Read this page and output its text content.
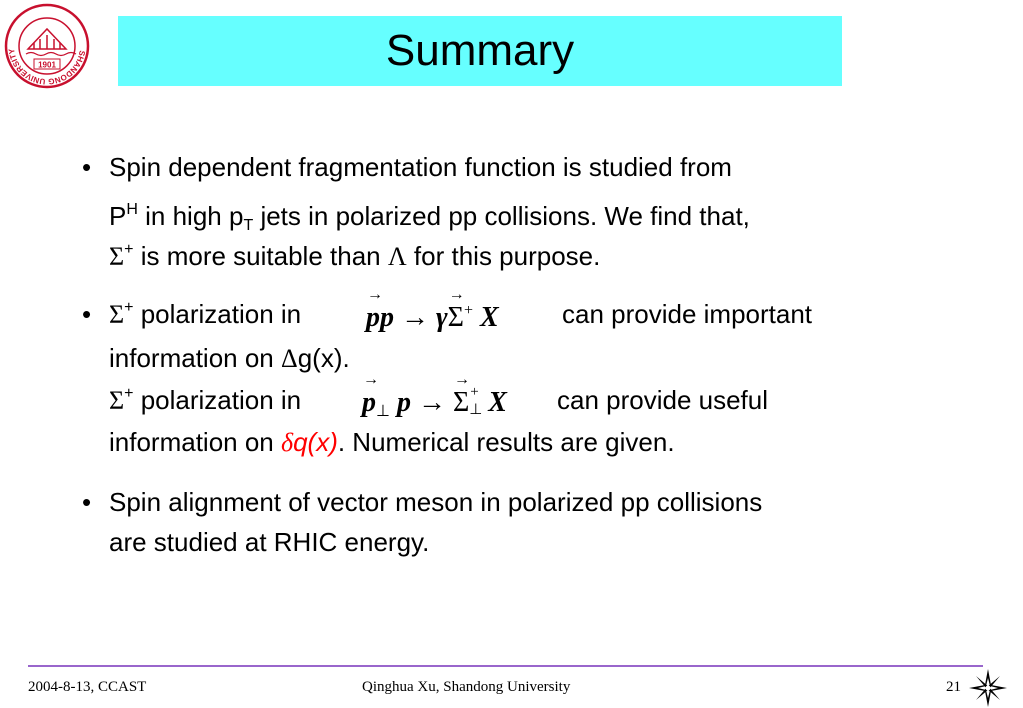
SHANDONG UNIVERSITY
1901	Summary
• Spin dependent fragmentation function is studied from
$P^H$ in high $p_T$ jets in polarized pp collisions. We find that,
Σ+ is more suitable than Λ for this purpose.
• Σ+ polarization in	can provide important
information on Δg(x).
Σ+ polarization in	can provide useful
information on δq(x). Numerical results are given.
→ pp → γ→ Σ+ X
→ $p_\perp$ p → → Σ +
⊥ X
• Spin alignment of vector meson in polarized pp collisions
are studied at RHIC energy.
2004-8-13, CCAST	Qinghua Xu, Shandong University	21
